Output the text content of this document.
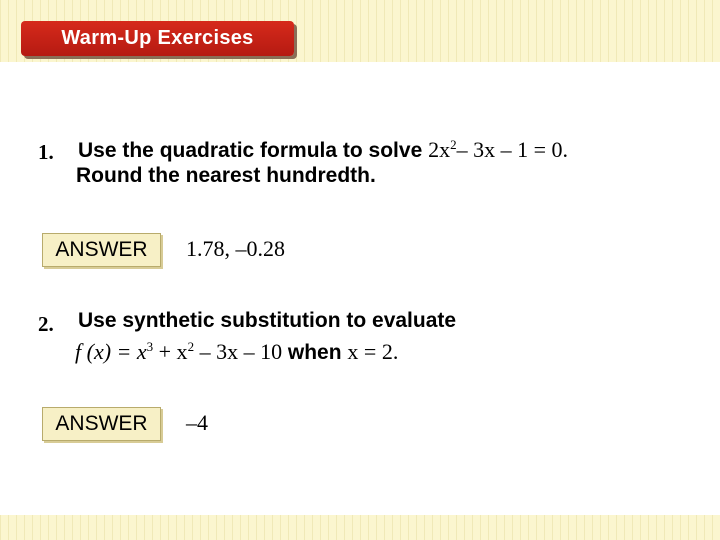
Warm-Up Exercises
1. Use the quadratic formula to solve $2x^2-$ 3x – 1 = 0.
Round the nearest hundredth.
ANSWER	1.78, –0.28
2. Use synthetic substitution to evaluate
f $(x) = x^3 + x^2 - 3x - 10$ when x = 2.
ANSWER	–4
